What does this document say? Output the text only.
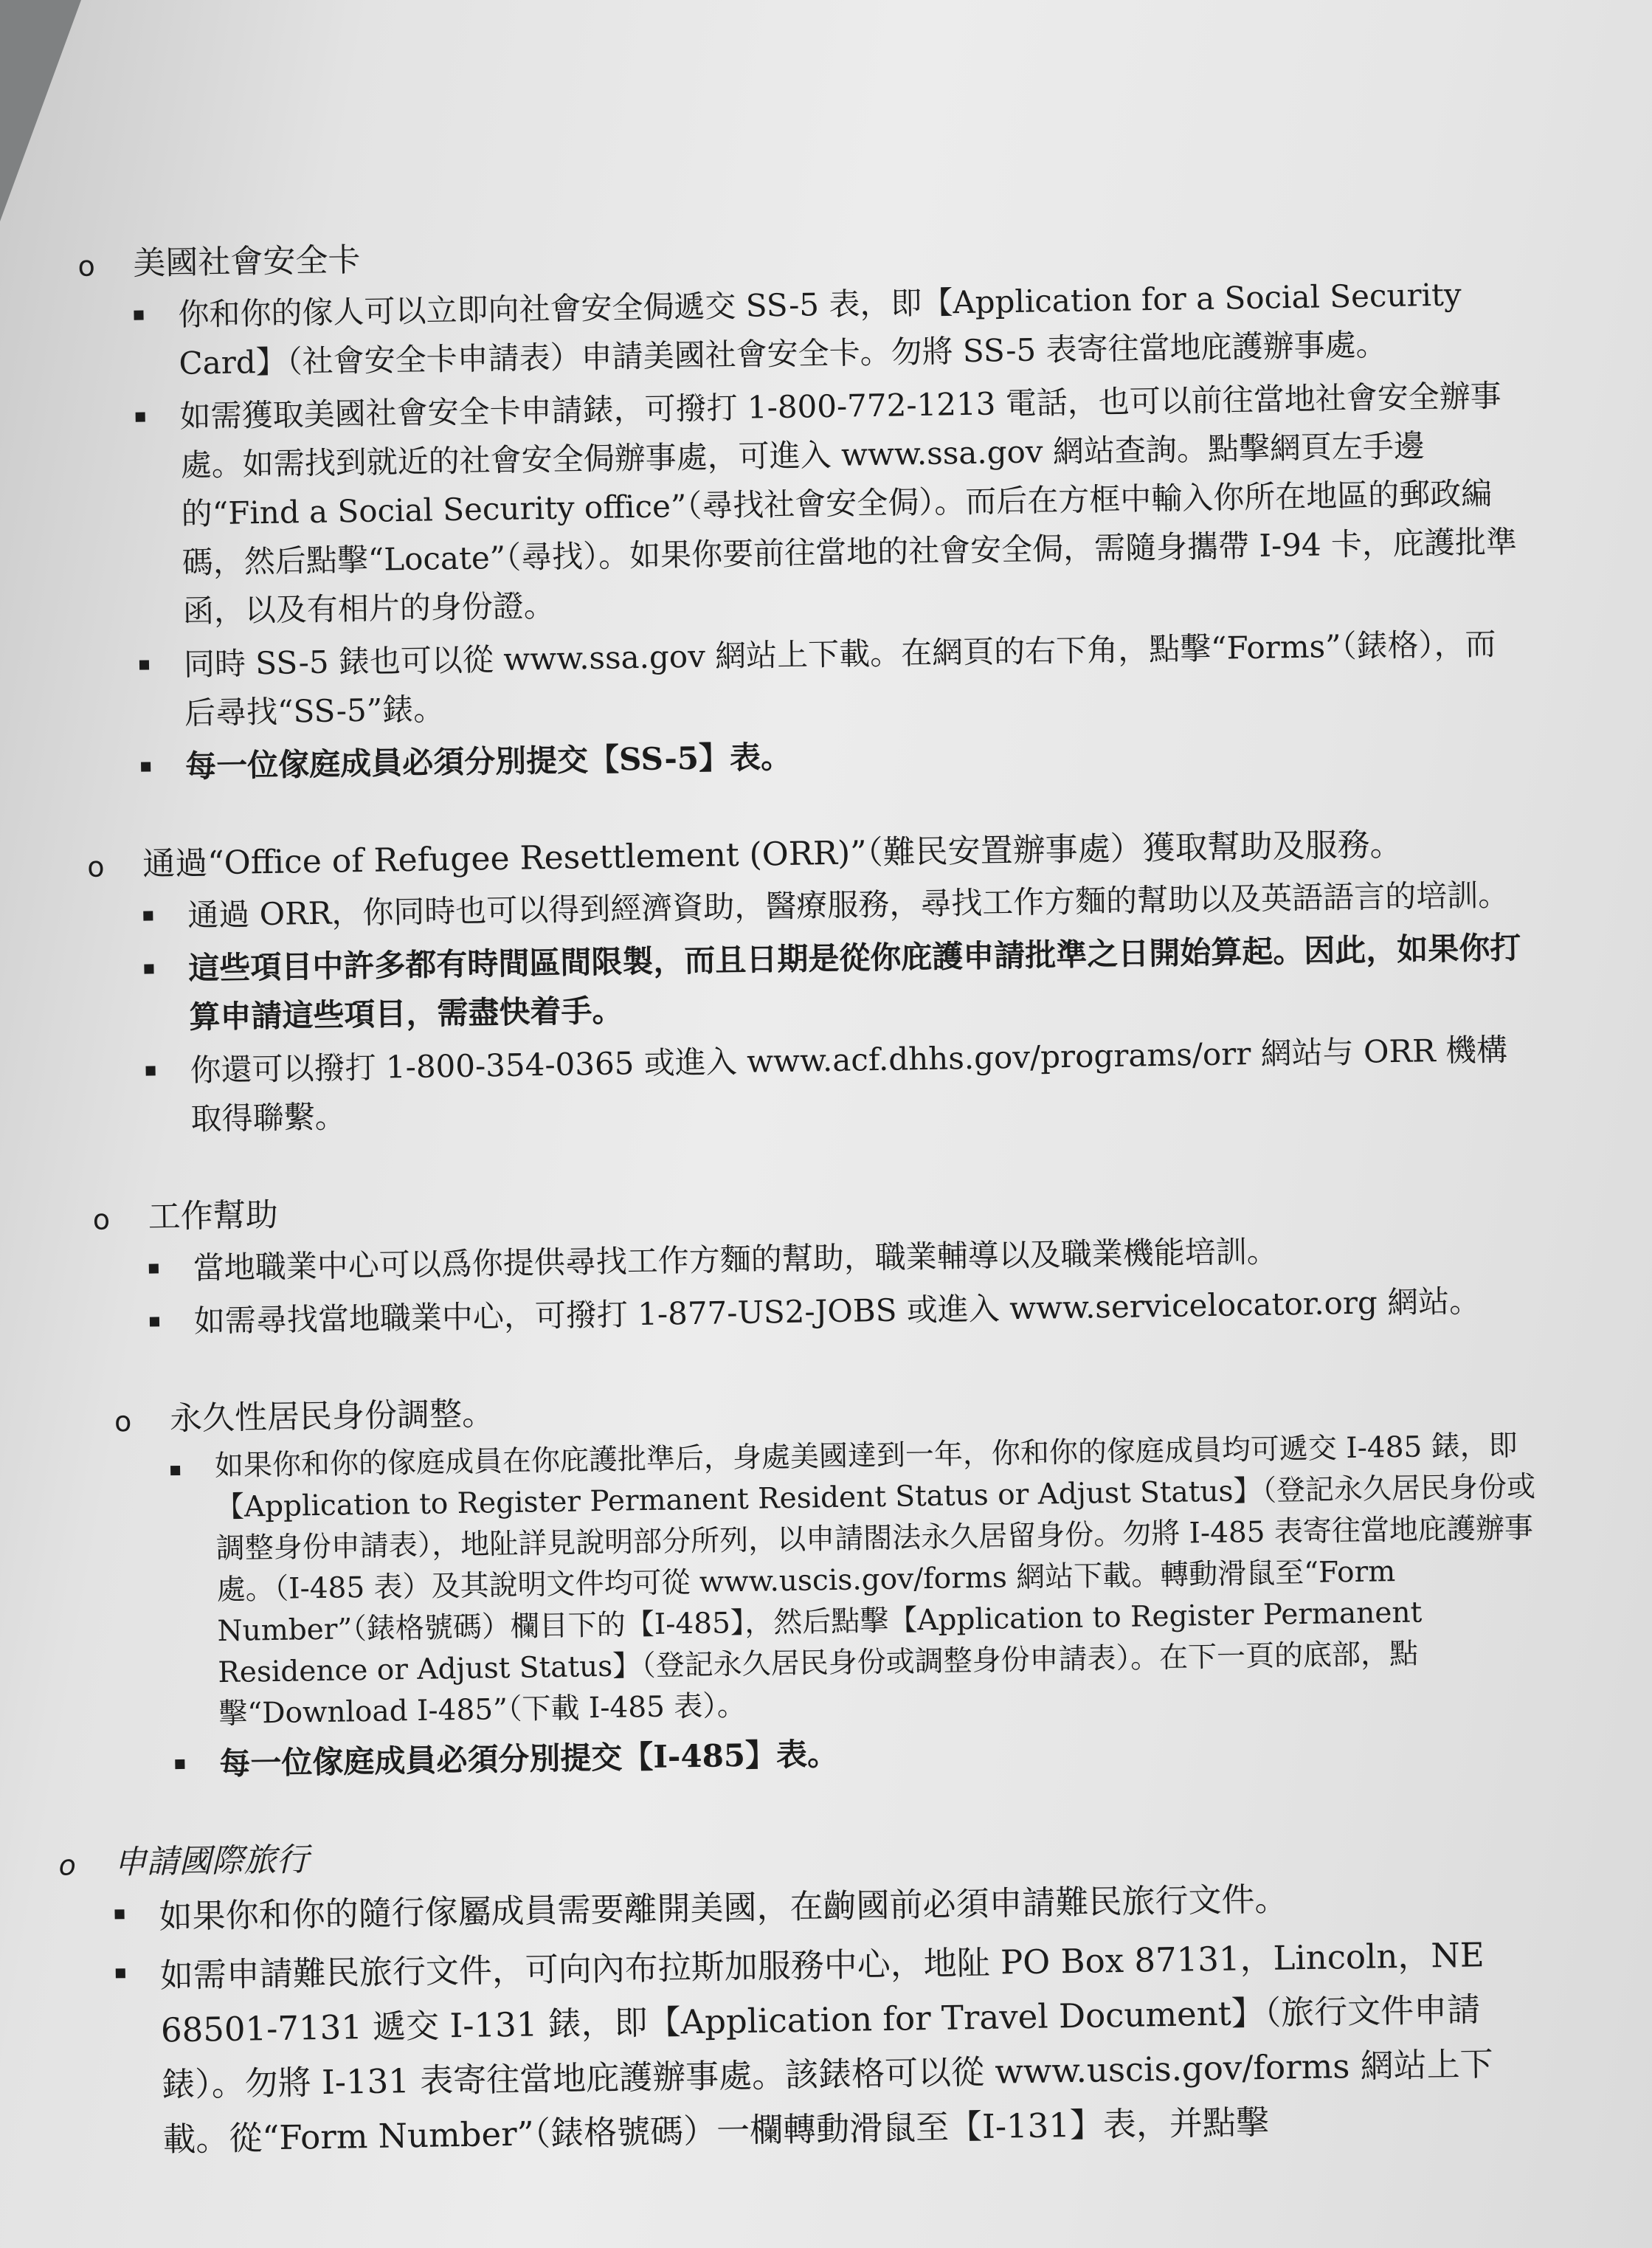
o 美國社會安全卡
你和你的傢人可以立即向社會安全侷遞交 SS-5 表，即【Application for a Social Security Card】（社會安全卡申請表）申請美國社會安全卡。勿將 SS-5 表寄往當地庇護辦事處。
如需獲取美國社會安全卡申請錶，可撥打 1-800-772-1213 電話，也可以前往當地社會安全辦事處。如需找到就近的社會安全侷辦事處，可進入 www.ssa.gov 網站查詢。點擊網頁左手邊的“Find a Social Security office”（尋找社會安全侷）。而后在方框中輸入你所在地區的郵政編碼，然后點擊“Locate”（尋找）。如果你要前往當地的社會安全侷，需隨身攜帶 I-94 卡，庇護批準函，以及有相片的身份證。
同時 SS-5 錶也可以從 www.ssa.gov 網站上下載。在網頁的右下角，點擊“Forms”（錶格），而后尋找“SS-5”錶。
每一位傢庭成員必須分別提交【SS-5】表。
o 通過“Office of Refugee Resettlement (ORR)”（難民安置辦事處）獲取幫助及服務。
通過 ORR，你同時也可以得到經濟資助，醫療服務，尋找工作方麵的幫助以及英語語言的培訓。
這些項目中許多都有時間區間限製，而且日期是從你庇護申請批準之日開始算起。因此，如果你打算申請這些項目，需盡快着手。
你還可以撥打 1-800-354-0365 或進入 www.acf.dhhs.gov/programs/orr 網站与 ORR 機構取得聯繫。
o 工作幫助
當地職業中心可以爲你提供尋找工作方麵的幫助，職業輔導以及職業機能培訓。
如需尋找當地職業中心，可撥打 1-877-US2-JOBS 或進入 www.servicelocator.org 網站。
o 永久性居民身份調整。
如果你和你的傢庭成員在你庇護批準后，身處美國達到一年，你和你的傢庭成員均可遞交 I-485 錶，即【Application to Register Permanent Resident Status or Adjust Status】（登記永久居民身份或調整身份申請表），地阯詳見說明部分所列，以申請閤法永久居留身份。勿將 I-485 表寄往當地庇護辦事處。（I-485 表）及其說明文件均可從 www.uscis.gov/forms 網站下載。轉動滑鼠至“Form Number”（錶格號碼）欄目下的【I-485】，然后點擊【Application to Register Permanent Residence or Adjust Status】（登記永久居民身份或調整身份申請表）。在下一頁的底部，點擊“Download I-485”（下載 I-485 表）。
每一位傢庭成員必須分別提交【I-485】表。
o 申請國際旅行
如果你和你的隨行傢屬成員需要離開美國，在齣國前必須申請難民旅行文件。
如需申請難民旅行文件，可向內布拉斯加服務中心，地阯 PO Box 87131，Lincoln，NE 68501-7131 遞交 I-131 錶，即【Application for Travel Document】（旅行文件申請錶）。勿將 I-131 表寄往當地庇護辦事處。該錶格可以從 www.uscis.gov/forms 網站上下載。從“Form Number”（錶格號碼）一欄轉動滑鼠至【I-131】表，并點擊
